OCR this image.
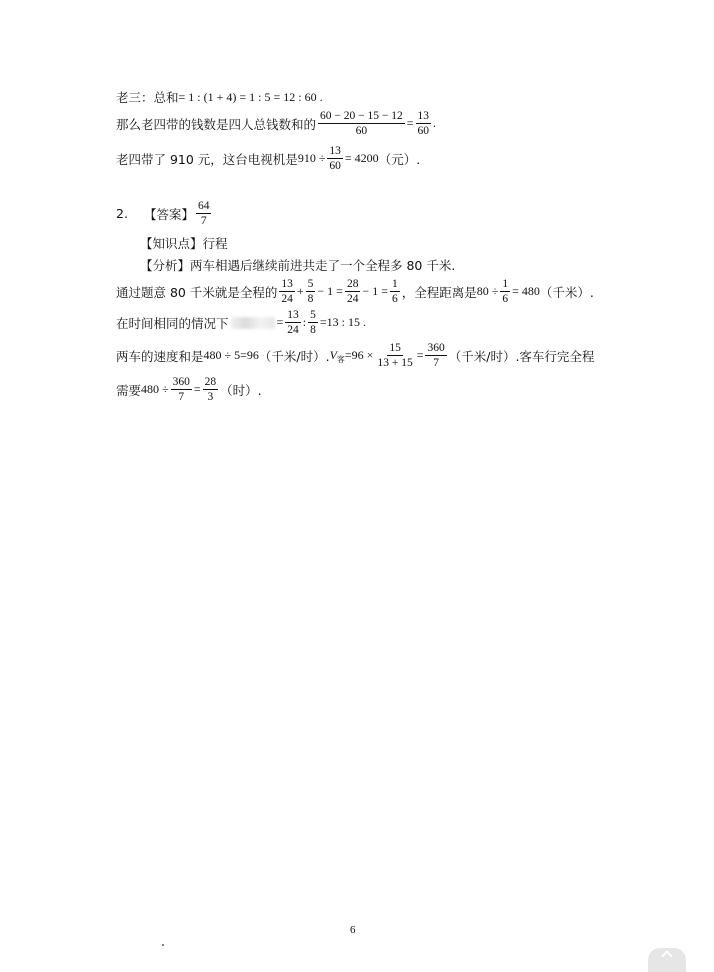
老三：总和 = 1 : (1 + 4) = 1 : 5 = 12 : 60 .
那么老四带的钱数是四人总钱数和的 $\frac{60 - 20 - 15 - 12}{60} = \frac{13}{60}$ .
老四带了 910 元，这台电视机是 $910 \div \frac{13}{60} = 4200$ （元）.
2. 【答案】 $\frac{64}{7}$
【知识点】行程
【分析】两车相遇后继续前进共走了一个全程多 80 千米.
通过题意 80 千米就是全程的 $\frac{13}{24} + \frac{5}{8} - 1 = \frac{28}{24} - 1 = \frac{1}{6}$ ，全程距离是 $80 \div \frac{1}{6} = 480$ （千米）.
在时间相同的情况下	= $\frac{13}{24}$ : $\frac{5}{8} =13$ : 15 .
两车的速度和是 480 ÷ 5=96 （千米/时）. V 客 $=96 \times \frac{15}{13 + 15} = \frac{360}{7}$ （千米/时）.客车行完全程
需要 $480 \div \frac{360}{7} = \frac{28}{3}$ （时）.
6
